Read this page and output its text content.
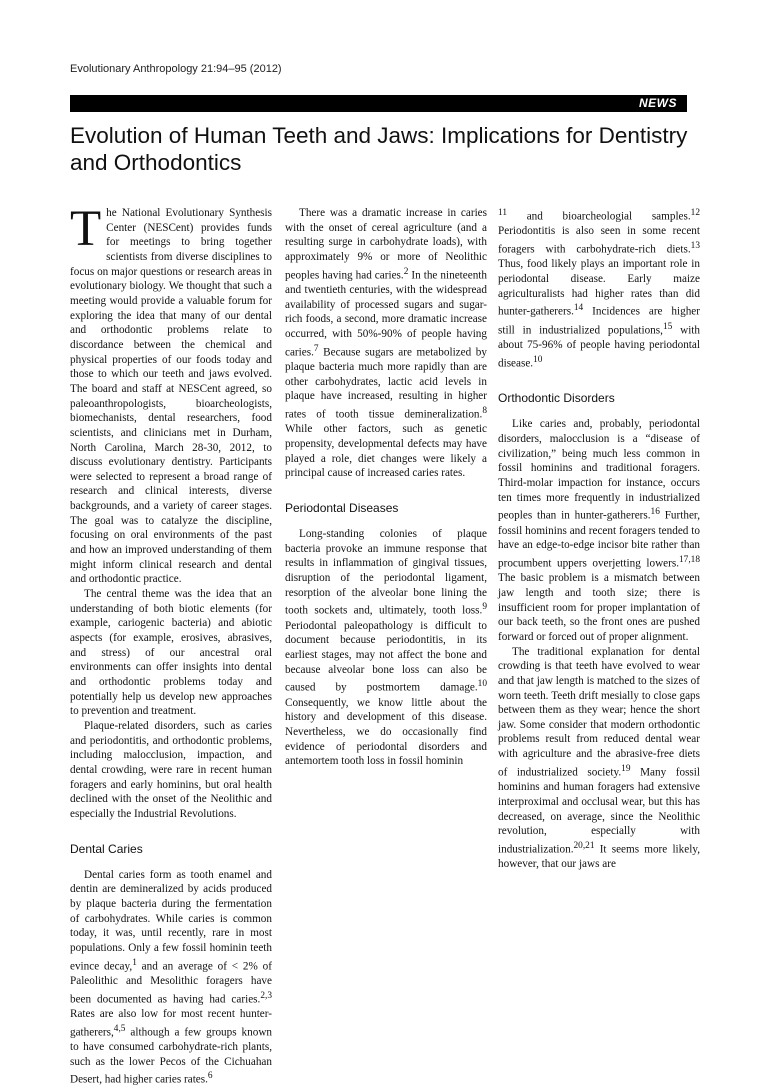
Evolutionary Anthropology 21:94–95 (2012)
NEWS
Evolution of Human Teeth and Jaws: Implications for Dentistry and Orthodontics

The National Evolutionary Synthesis Center (NESCent) provides funds for meetings to bring together scientists from diverse disciplines to focus on major questions or research areas in evolutionary biology. We thought that such a meeting would provide a valuable forum for exploring the idea that many of our dental and orthodontic problems relate to discordance between the chemical and physical properties of our foods today and those to which our teeth and jaws evolved. The board and staff at NESCent agreed, so paleoanthropologists, bioarcheologists, biomechanists, dental researchers, food scientists, and clinicians met in Durham, North Carolina, March 28-30, 2012, to discuss evolutionary dentistry. Participants were selected to represent a broad range of research and clinical interests, diverse backgrounds, and a variety of career stages. The goal was to catalyze the discipline, focusing on oral environments of the past and how an improved understanding of them might inform clinical research and dental and orthodontic practice.

The central theme was the idea that an understanding of both biotic elements (for example, cariogenic bacteria) and abiotic aspects (for example, erosives, abrasives, and stress) of our ancestral oral environments can offer insights into dental and orthodontic problems today and potentially help us develop new approaches to prevention and treatment.

Plaque-related disorders, such as caries and periodontitis, and orthodontic problems, including malocclusion, impaction, and dental crowding, were rare in recent human foragers and early hominins, but oral health declined with the onset of the Neolithic and especially the Industrial Revolutions.

Dental Caries

Dental caries form as tooth enamel and dentin are demineralized by acids produced by plaque bacteria during the fermentation of carbohydrates. While caries is common today, it was, until recently, rare in most populations. Only a few fossil hominin teeth evince decay,$^1$ and an average of < 2% of Paleolithic and Mesolithic foragers have been documented as having had caries.$^{2,3}$ Rates are also low for most recent hunter-gatherers,$^{4,5}$ although a few groups known to have consumed carbohydrate-rich plants, such as the lower Pecos of the Cichuahan Desert, had higher caries rates.$^6$

There was a dramatic increase in caries with the onset of cereal agriculture (and a resulting surge in carbohydrate loads), with approximately 9% or more of Neolithic peoples having had caries.$^2$ In the nineteenth and twentieth centuries, with the widespread availability of processed sugars and sugar-rich foods, a second, more dramatic increase occurred, with 50%-90% of people having caries.$^7$ Because sugars are metabolized by plaque bacteria much more rapidly than are other carbohydrates, lactic acid levels in plaque have increased, resulting in higher rates of tooth tissue demineralization.$^8$ While other factors, such as genetic propensity, developmental defects may have played a role, diet changes were likely a principal cause of increased caries rates.

Periodontal Diseases

Long-standing colonies of plaque bacteria provoke an immune response that results in inflammation of gingival tissues, disruption of the periodontal ligament, resorption of the alveolar bone lining the tooth sockets and, ultimately, tooth loss.$^9$ Periodontal paleopathology is difficult to document because periodontitis, in its earliest stages, may not affect the bone and because alveolar bone loss can also be caused by postmortem damage.$^{10}$ Consequently, we know little about the history and development of this disease. Nevertheless, we do occasionally find evidence of periodontal disorders and antemortem tooth loss in fossil hominin

$^{11}$ and bioarcheologial samples.$^{12}$ Periodontitis is also seen in some recent foragers with carbohydrate-rich diets.$^{13}$ Thus, food likely plays an important role in periodontal disease. Early maize agriculturalists had higher rates than did hunter-gatherers.$^{14}$ Incidences are higher still in industrialized populations,$^{15}$ with about 75-96% of people having periodontal disease.$^{10}$

Orthodontic Disorders

Like caries and, probably, periodontal disorders, malocclusion is a “disease of civilization,” being much less common in fossil hominins and traditional foragers. Third-molar impaction for instance, occurs ten times more frequently in industrialized peoples than in hunter-gatherers.$^{16}$ Further, fossil hominins and recent foragers tended to have an edge-to-edge incisor bite rather than procumbent uppers overjetting lowers.$^{17,18}$ The basic problem is a mismatch between jaw length and tooth size; there is insufficient room for proper implantation of our back teeth, so the front ones are pushed forward or forced out of proper alignment.

The traditional explanation for dental crowding is that teeth have evolved to wear and that jaw length is matched to the sizes of worn teeth. Teeth drift mesially to close gaps between them as they wear; hence the short jaw. Some consider that modern orthodontic problems result from reduced dental wear with agriculture and the abrasive-free diets of industrialized society.$^{19}$ Many fossil hominins and human foragers had extensive interproximal and occlusal wear, but this has decreased, on average, since the Neolithic revolution, especially with industrialization.$^{20,21}$ It seems more likely, however, that our jaws are
